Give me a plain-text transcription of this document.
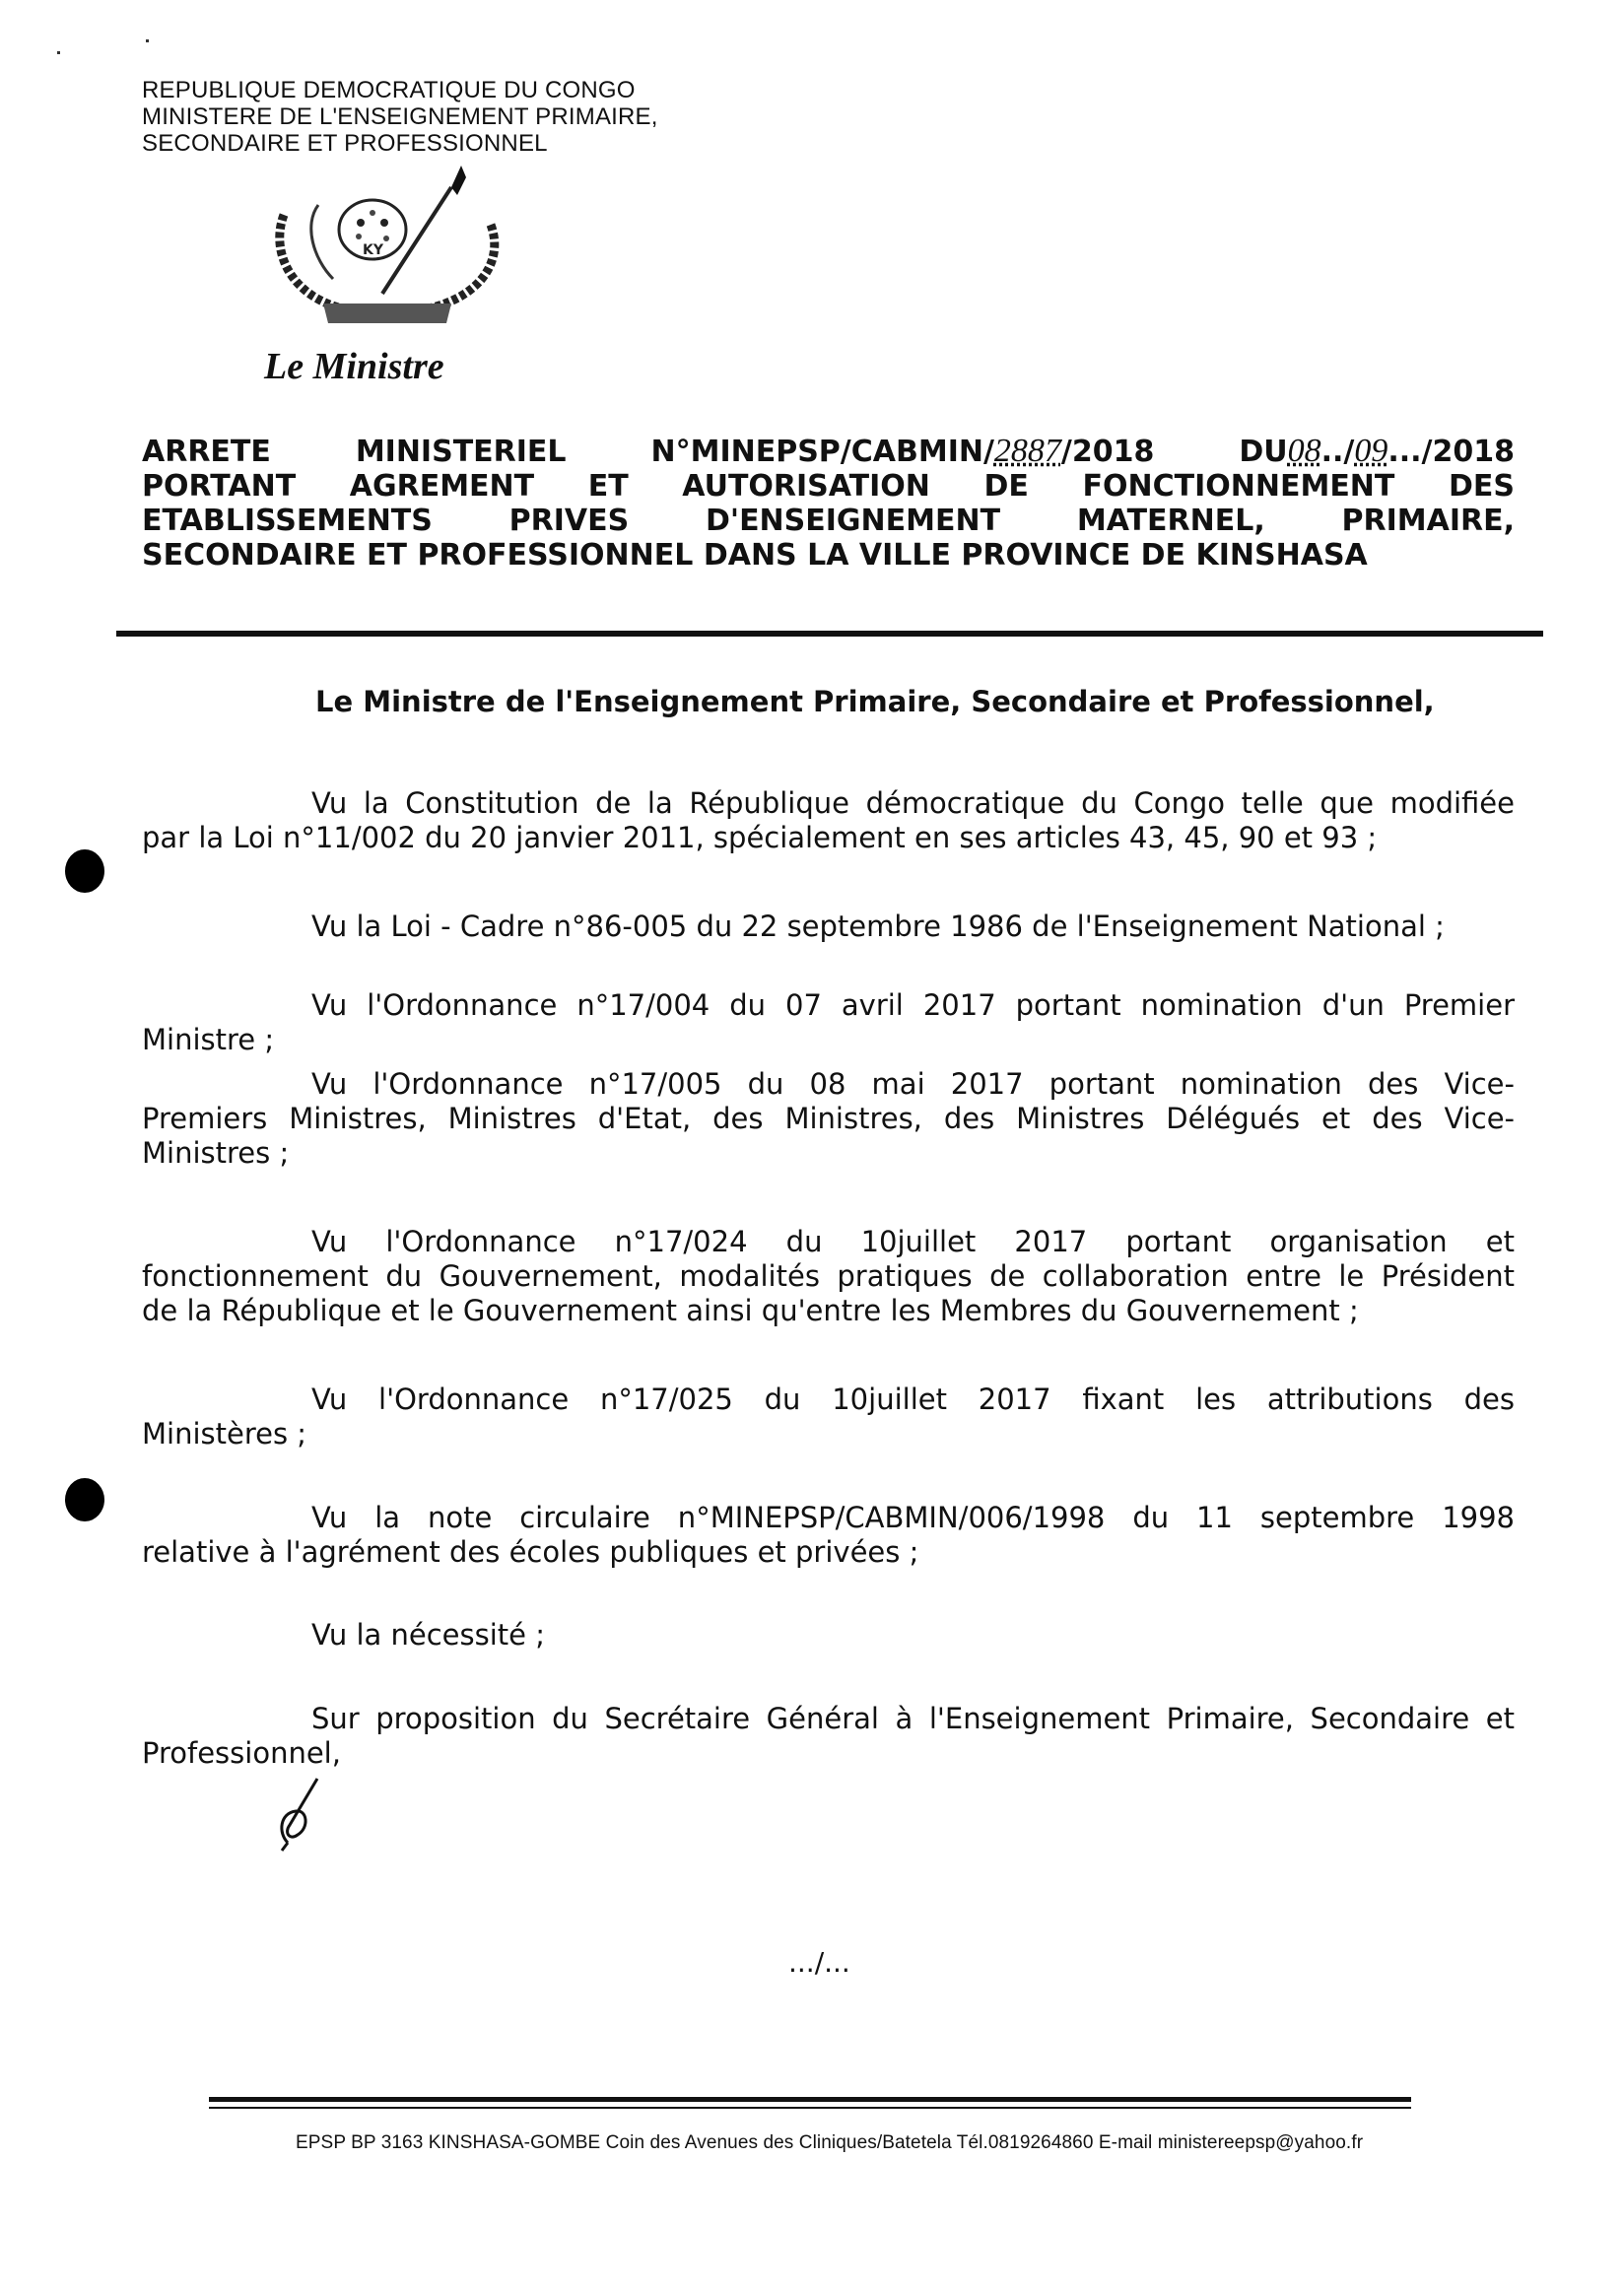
REPUBLIQUE DEMOCRATIQUE DU CONGO
MINISTERE DE L'ENSEIGNEMENT PRIMAIRE,
SECONDAIRE ET PROFESSIONNEL
KY
Le Ministre
ARRETE MINISTERIEL N°MINEPSP/CABMIN/2887/2018 DU08../09.../2018
PORTANT AGREMENT ET AUTORISATION DE FONCTIONNEMENT DES
ETABLISSEMENTS PRIVES D'ENSEIGNEMENT MATERNEL, PRIMAIRE,
SECONDAIRE ET PROFESSIONNEL DANS LA VILLE PROVINCE DE KINSHASA
Le Ministre de l'Enseignement Primaire, Secondaire et Professionnel,
Vu la Constitution de la République démocratique du Congo telle que modifiée
par la Loi n°11/002 du 20 janvier 2011, spécialement en ses articles 43, 45, 90 et 93 ;
Vu la Loi - Cadre n°86-005 du 22 septembre 1986 de l'Enseignement National ;
Vu l'Ordonnance n°17/004 du 07 avril 2017 portant nomination d'un Premier
Ministre ;
Vu l'Ordonnance n°17/005 du 08 mai 2017 portant nomination des Vice-
Premiers Ministres, Ministres d'Etat, des Ministres, des Ministres Délégués et des Vice-
Ministres ;
Vu l'Ordonnance n°17/024 du 10juillet 2017 portant organisation et
fonctionnement du Gouvernement, modalités pratiques de collaboration entre le Président
de la République et le Gouvernement ainsi qu'entre les Membres du Gouvernement ;
Vu l'Ordonnance n°17/025 du 10juillet 2017 fixant les attributions des
Ministères ;
Vu la note circulaire n°MINEPSP/CABMIN/006/1998 du 11 septembre 1998
relative à l'agrément des écoles publiques et privées ;
Vu la nécessité ;
Sur proposition du Secrétaire Général à l'Enseignement Primaire, Secondaire et
Professionnel,
.../...
EPSP BP 3163 KINSHASA-GOMBE Coin des Avenues des Cliniques/Batetela Tél.0819264860 E-mail ministereepsp@yahoo.fr
